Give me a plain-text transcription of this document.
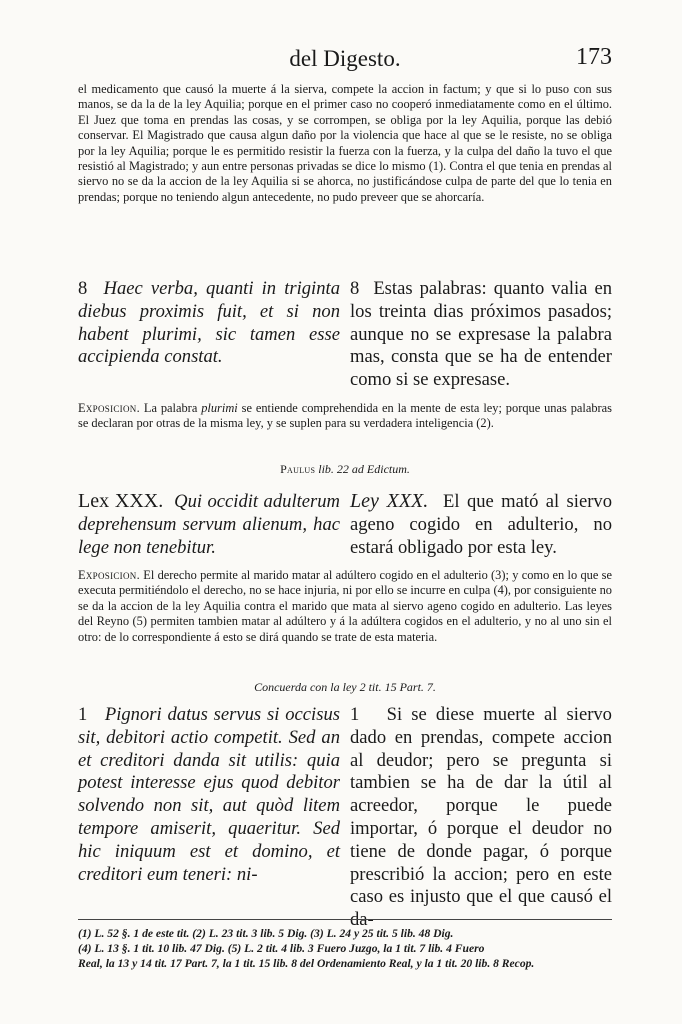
del Digesto.	173

el medicamento que causó la muerte á la sierva, compete la accion in factum; y que si lo puso con sus manos, se da la de la ley Aquilia; porque en el primer caso no cooperó inmediatamente como en el último. El Juez que toma en prendas las cosas, y se corrompen, se obliga por la ley Aquilia, porque las debió conservar. El Magistrado que causa algun daño por la violencia que hace al que se le resiste, no se obliga por la ley Aquilia; porque le es permitido resistir la fuerza con la fuerza, y la culpa del daño la tuvo el que resistió al Magistrado; y aun entre personas privadas se dice lo mismo (1). Contra el que tenia en prendas al siervo no se da la accion de la ley Aquilia si se ahorca, no justificándose culpa de parte del que lo tenia en prendas; porque no teniendo algun antecedente, no pudo preveer que se ahorcaría.

8 Haec verba, quanti in triginta diebus proximis fuit, et si non habent plurimi, sic tamen esse accipienda constat.
8 Estas palabras: quanto valia en los treinta dias próximos pasados; aunque no se expresase la palabra mas, consta que se ha de entender como si se expresase.

Exposicion. La palabra plurimi se entiende comprehendida en la mente de esta ley; porque unas palabras se declaran por otras de la misma ley, y se suplen para su verdadera inteligencia (2).

Paulus lib. 22 ad Edictum.
Lex XXX. Qui occidit adulterum deprehensum servum alienum, hac lege non tenebitur.
Ley XXX. El que mató al siervo ageno cogido en adulterio, no estará obligado por esta ley.

Exposicion. El derecho permite al marido matar al adúltero cogido en el adulterio (3); y como en lo que se executa permitiéndolo el derecho, no se hace injuria, ni por ello se incurre en culpa (4), por consiguiente no se da la accion de la ley Aquilia contra el marido que mata al siervo ageno cogido en adulterio. Las leyes del Reyno (5) permiten tambien matar al adúltero y á la adúltera cogidos en el adulterio, y no al uno sin el otro: de lo correspondiente á esto se dirá quando se trate de esta materia.

Concuerda con la ley 2 tit. 15 Part. 7.
1 Pignori datus servus si occisus sit, debitori actio competit. Sed an et creditori danda sit utilis: quia potest interesse ejus quod debitor solvendo non sit, aut quòd litem tempore amiserit, quaeritur. Sed hic iniquum est et domino, et creditori eum teneri: ni-
1 Si se diese muerte al siervo dado en prendas, compete accion al deudor; pero se pregunta si tambien se ha de dar la útil al acreedor, porque le puede importar, ó porque el deudor no tiene de donde pagar, ó porque prescribió la accion; pero en este caso es injusto que el que causó el da-
(1) L. 52 §. 1 de este tit. (2) L. 23 tit. 3 lib. 5 Dig. (3) L. 24 y 25 tit. 5 lib. 48 Dig.
(4) L. 13 §. 1 tit. 10 lib. 47 Dig. (5) L. 2 tit. 4 lib. 3 Fuero Juzgo, la 1 tit. 7 lib. 4 Fuero
Real, la 13 y 14 tit. 17 Part. 7, la 1 tit. 15 lib. 8 del Ordenamiento Real, y la 1 tit. 20 lib. 8 Recop.
